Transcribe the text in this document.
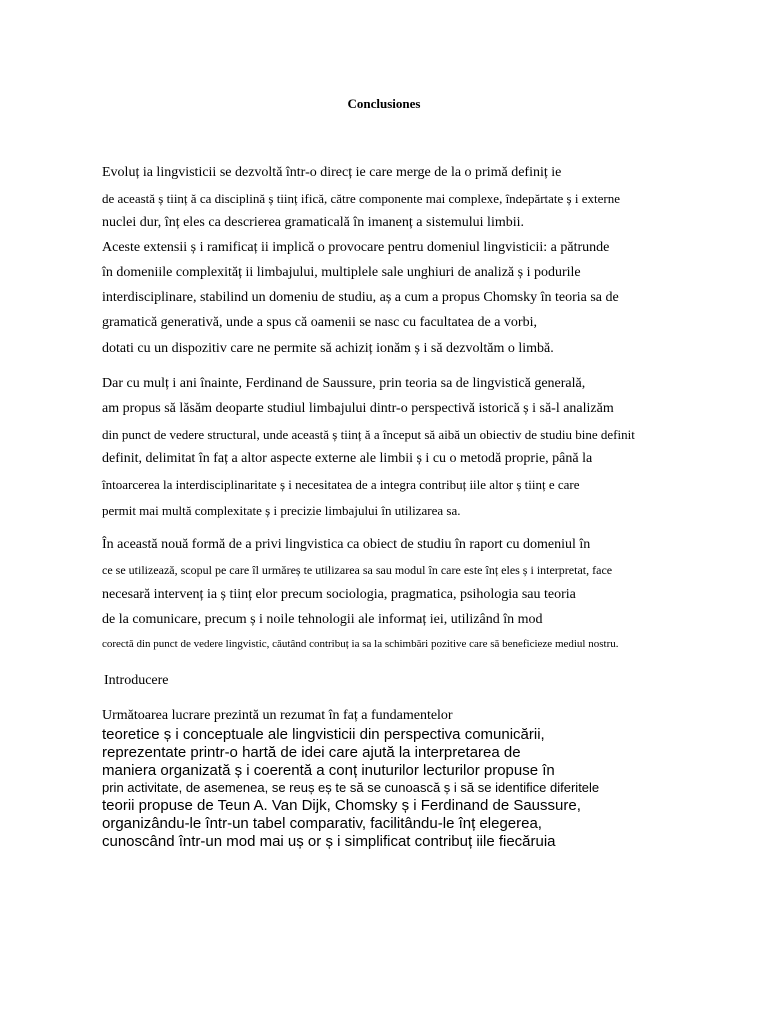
Conclusiones
Evoluț ia lingvisticii se dezvoltă într-o direcț ie care merge de la o primă definiț ie
de această ș tiinț ă ca disciplină ș tiinț ifică, către componente mai complexe, îndepărtate ș i externe
nuclei dur, înț eles ca descrierea gramaticală în imanenț a sistemului limbii.
Aceste extensii ș i ramificaț ii implică o provocare pentru domeniul lingvisticii: a pătrunde
în domeniile complexităț ii limbajului, multiplele sale unghiuri de analiză ș i podurile
interdisciplinare, stabilind un domeniu de studiu, aș a cum a propus Chomsky în teoria sa de
gramatică generativă, unde a spus că oamenii se nasc cu facultatea de a vorbi,
dotati cu un dispozitiv care ne permite să achiziț ionăm ș i să dezvoltăm o limbă.
Dar cu mulț i ani înainte, Ferdinand de Saussure, prin teoria sa de lingvistică generală,
am propus să lăsăm deoparte studiul limbajului dintr-o perspectivă istorică ș i să-l analizăm
din punct de vedere structural, unde această ș tiinț ă a început să aibă un obiectiv de studiu bine definit
definit, delimitat în faț a altor aspecte externe ale limbii ș i cu o metodă proprie, până la
întoarcerea la interdisciplinaritate ș i necesitatea de a integra contribuț iile altor ș tiinț e care
permit mai multă complexitate ș i precizie limbajului în utilizarea sa.
În această nouă formă de a privi lingvistica ca obiect de studiu în raport cu domeniul în
ce se utilizează, scopul pe care îl urmăreș te utilizarea sa sau modul în care este înț eles ș i interpretat, face
necesară intervenț ia ș tiinț elor precum sociologia, pragmatica, psihologia sau teoria
de la comunicare, precum ș i noile tehnologii ale informaț iei, utilizând în mod
corectă din punct de vedere lingvistic, căutând contribuț ia sa la schimbări pozitive care să beneficieze mediul nostru.
Introducere
Următoarea lucrare prezintă un rezumat în faț a fundamentelor
teoretice ș i conceptuale ale lingvisticii din perspectiva comunicării,
reprezentate printr-o hartă de idei care ajută la interpretarea de
maniera organizată ș i coerentă a conț inuturilor lecturilor propuse în
prin activitate, de asemenea, se reuș eș te să se cunoască ș i să se identifice diferitele
teorii propuse de Teun A. Van Dijk, Chomsky ș i Ferdinand de Saussure,
organizându-le într-un tabel comparativ, facilitându-le înț elegerea,
cunoscând într-un mod mai uș or ș i simplificat contribuț iile fiecăruia
